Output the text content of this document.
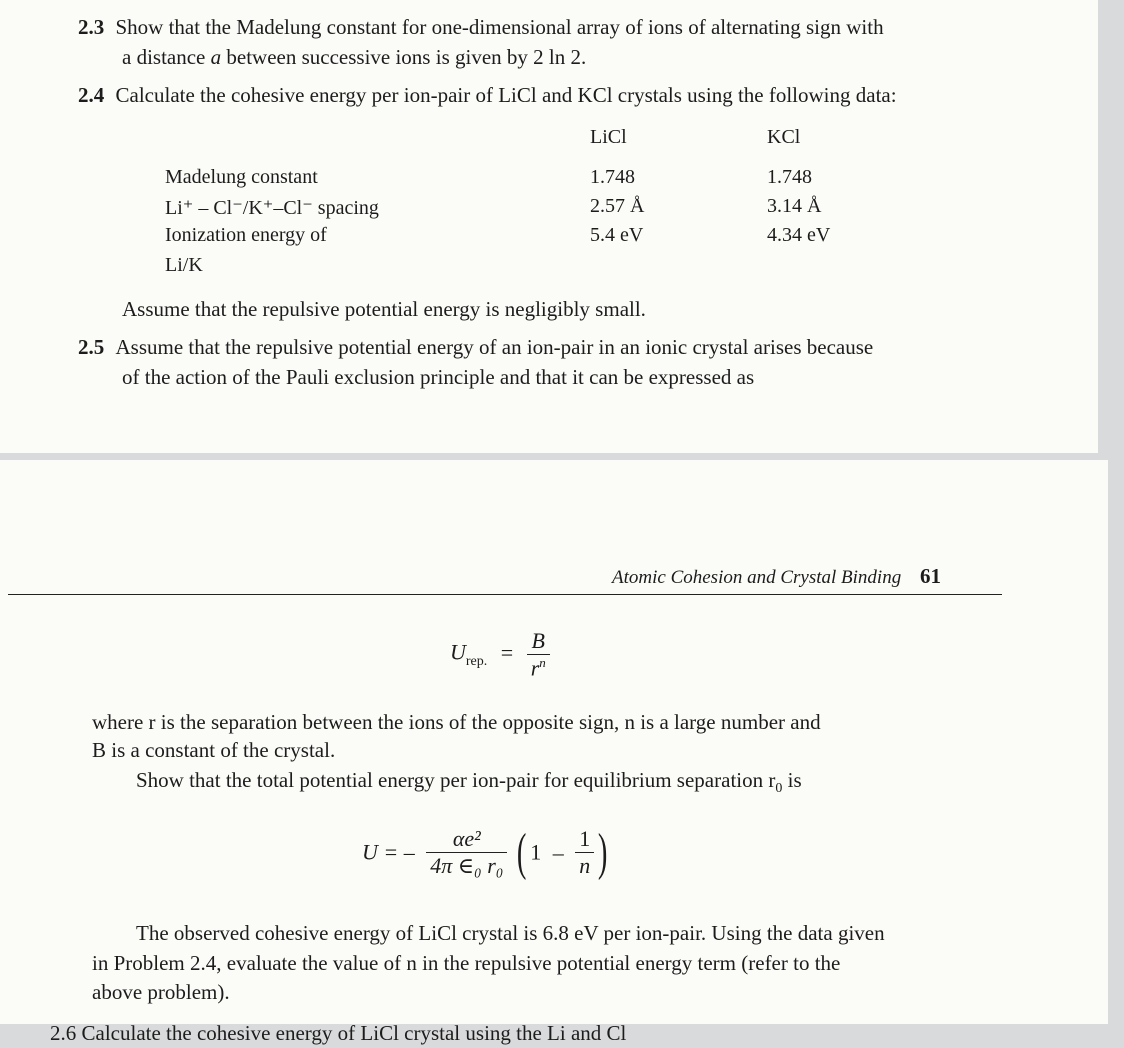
2.3 Show that the Madelung constant for one-dimensional array of ions of alternating sign with
a distance a between successive ions is given by 2 ln 2.
2.4 Calculate the cohesive energy per ion-pair of LiCl and KCl crystals using the following data:
LiCl	KCl
Madelung constant	1.748	1.748
Li⁺ – Cl⁻/K⁺–Cl⁻ spacing	2.57 Å	3.14 Å
Ionization energy of	5.4 eV	4.34 eV
Li/K
Assume that the repulsive potential energy is negligibly small.
2.5 Assume that the repulsive potential energy of an ion-pair in an ionic crystal arises because
of the action of the Pauli exclusion principle and that it can be expressed as
Atomic Cohesion and Crystal Binding 61
$U_{rep.} = \frac{B}{r^n}$
where r is the separation between the ions of the opposite sign, n is a large number and
B is a constant of the crystal.
Show that the total potential energy per ion-pair for equilibrium separation $r_0$ is
U = – $\frac{\text{αe²}}{\text{4π ∈₀ r₀}}$ ( $1 - \frac{1}{n}$ )
The observed cohesive energy of LiCl crystal is 6.8 eV per ion-pair. Using the data given
in Problem 2.4, evaluate the value of n in the repulsive potential energy term (refer to the
above problem).
2.6 Calculate the cohesive energy of LiCl crystal using the Li and Cl
